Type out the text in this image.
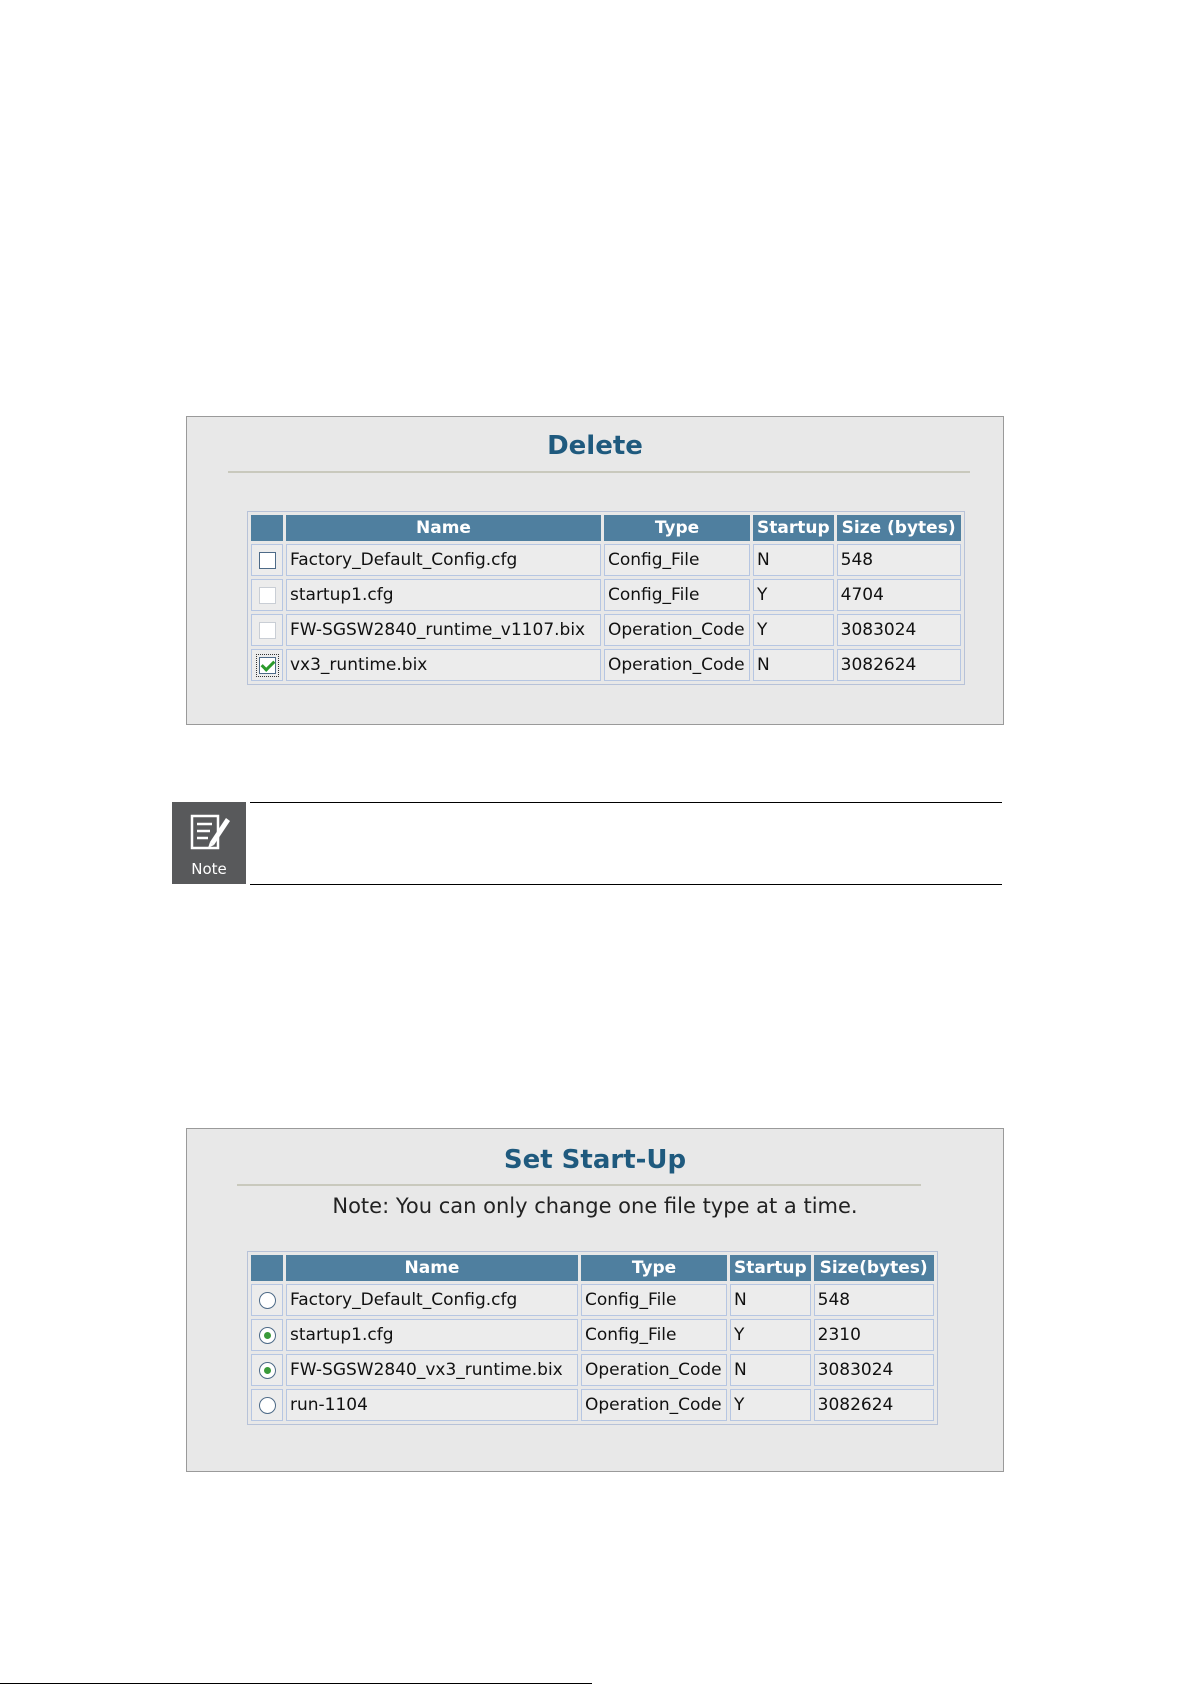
Delete
	Name	Type	Startup	Size (bytes)
	Factory_Default_Config.cfg	Config_File	N	548
	startup1.cfg	Config_File	Y	4704
	FW-SGSW2840_runtime_v1107.bix	Operation_Code	Y	3083024
	vx3_runtime.bix	Operation_Code	N	3082624
Note
Set Start-Up
Note: You can only change one file type at a time.
	Name	Type	Startup	Size(bytes)
	Factory_Default_Config.cfg	Config_File	N	548
	startup1.cfg	Config_File	Y	2310
	FW-SGSW2840_vx3_runtime.bix	Operation_Code	N	3083024
	run-1104	Operation_Code	Y	3082624
